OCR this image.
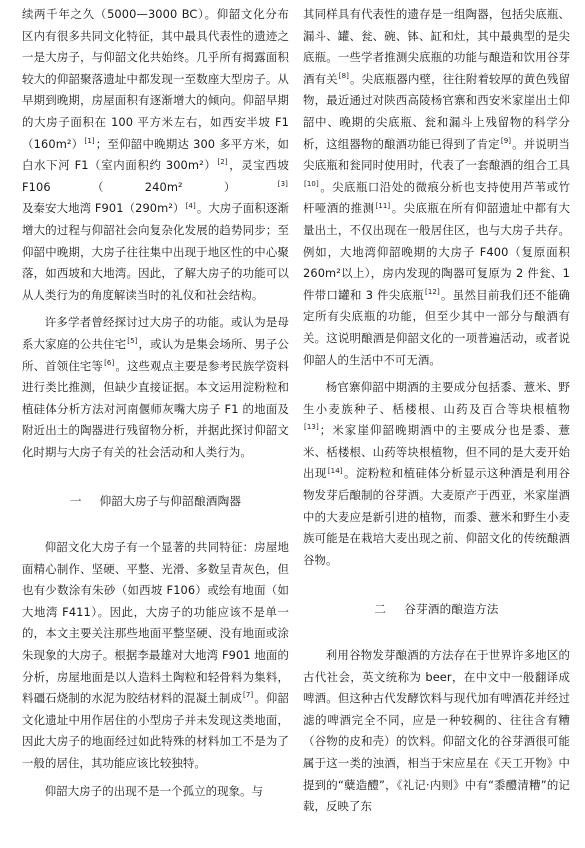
续两千年之久（5000—3000 BC）。仰韶文化分布区内有很多共同文化特征，其中最具代表性的遗迹之一是大房子，与仰韶文化共始终。几乎所有揭露面积较大的仰韶聚落遗址中都发现一至数座大型房子。从早期到晚期，房屋面积有逐渐增大的倾向。仰韶早期的大房子面积在 100 平方米左右，如西安半坡 F1（160m²）[1]；至仰韶中晚期达 300 多平方米，如白水下河 F1（室内面积约 300m²）[2]，灵宝西坡 F106（240m²）[3] 及秦安大地湾 F901（290m²）[4]。大房子面积逐渐增大的过程与仰韶社会向复杂化发展的趋势同步；至仰韶中晚期，大房子往往集中出现于地区性的中心聚落，如西坡和大地湾。因此，了解大房子的功能可以从人类行为的角度解读当时的礼仪和社会结构。

许多学者曾经探讨过大房子的功能。或认为是母系大家庭的公共住宅[5]，或认为是集会场所、男子公所、首领住宅等[6]。这些观点主要是参考民族学资料进行类比推测，但缺少直接证据。本文运用淀粉粒和植硅体分析方法对河南偃师灰嘴大房子 F1 的地面及附近出土的陶器进行残留物分析，并据此探讨仰韶文化时期与大房子有关的社会活动和人类行为。

一 仰韶大房子与仰韶酿酒陶器

仰韶文化大房子有一个显著的共同特征：房屋地面精心制作、坚硬、平整、光滑、多数呈青灰色，但也有少数涂有朱砂（如西坡 F106）或绘有地面（如大地湾 F411）。因此，大房子的功能应该不是单一的，本文主要关注那些地面平整坚硬、没有地面或涂朱现象的大房子。根据李最雄对大地湾 F901 地面的分析，房屋地面是以人造料土陶粒和轻骨料为集料，料礓石烧制的水泥为胶结材料的混凝土制成[7]。仰韶文化遗址中用作居住的小型房子并未发现这类地面，因此大房子的地面经过如此特殊的材料加工不是为了一般的居住，其功能应该比较独特。

仰韶大房子的出现不是一个孤立的现象。与

其同样具有代表性的遗存是一组陶器，包括尖底瓶、漏斗、罐、瓮、碗、钵、缸和灶，其中最典型的是尖底瓶。一些学者推测尖底瓶的功能与酿造和饮用谷芽酒有关[8]。尖底瓶器内壁，往往附着较厚的黄色残留物，最近通过对陕西高陵杨官寨和西安米家崖出土仰韶中、晚期的尖底瓶、瓮和漏斗上残留物的科学分析，这组器物的酿酒功能已得到了肯定[9]。并说明当尖底瓶和瓮同时使用时，代表了一套酿酒的组合工具[10]。尖底瓶口沿处的微痕分析也支持使用芦苇或竹杆哑酒的推测[11]。尖底瓶在所有仰韶遗址中都有大量出土，不仅出现在一般居住区，也与大房子共存。例如，大地湾仰韶晚期的大房子 F400（复原面积 260m²以上），房内发现的陶器可复原为 2 件瓮、1 件带口罐和 3 件尖底瓶[12]。虽然目前我们还不能确定所有尖底瓶的功能，但至少其中一部分与酿酒有关。这说明酿酒是仰韶文化的一项普遍活动，或者说仰韶人的生活中不可无酒。

杨官寨仰韶中期酒的主要成分包括黍、薏米、野生小麦族种子、栝楼根、山药及百合等块根植物[13]；米家崖仰韶晚期酒中的主要成分也是黍、薏米、栝楼根、山药等块根植物，但不同的是大麦开始出现[14]。淀粉粒和植硅体分析显示这种酒是利用谷物发芽后酿制的谷芽酒。大麦原产于西亚，米家崖酒中的大麦应是新引进的植物，而黍、薏米和野生小麦族可能是在栽培大麦出现之前、仰韶文化的传统酿酒谷物。

二 谷芽酒的酿造方法

利用谷物发芽酿酒的方法存在于世界许多地区的古代社会，英文统称为 beer，在中文中一般翻译成啤酒。但这种古代发酵饮料与现代加有啤酒花并经过滤的啤酒完全不同，应是一种较稠的、往往含有糟（谷物的皮和壳）的饮料。仰韶文化的谷芽酒很可能属于这一类的浊酒，相当于宋应星在《天工开物》中提到的“糵造醴”，《礼记·内则》中有“黍醴清糟”的记载，反映了东
